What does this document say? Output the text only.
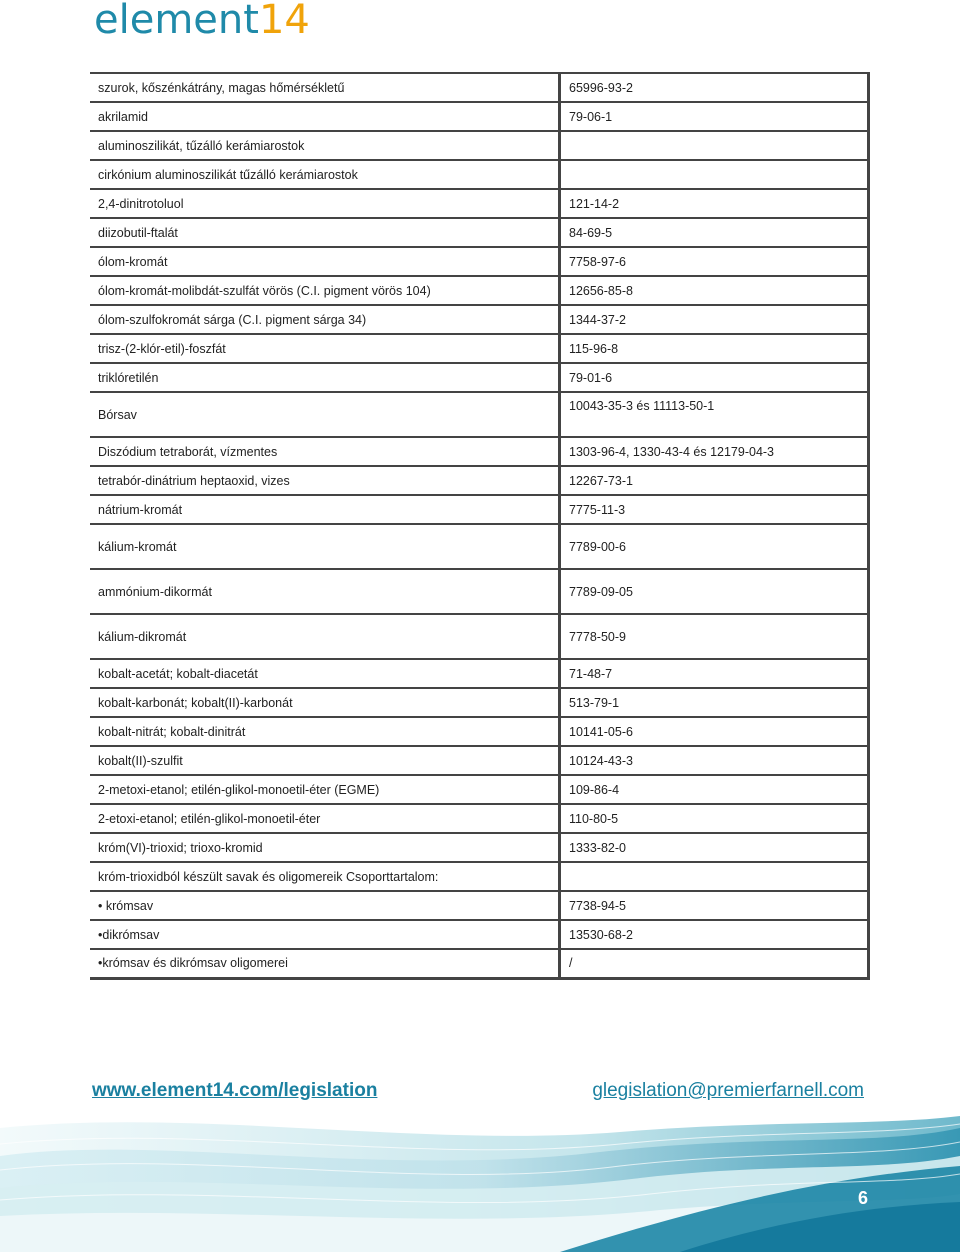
element14
szurok, kőszénkátrány, magas hőmérsékletű	65996-93-2
akrilamid	79-06-1
aluminoszilikát, tűzálló kerámiarostok	
cirkónium aluminoszilikát tűzálló kerámiarostok	
2,4-dinitrotoluol	121-14-2
diizobutil-ftalát	84-69-5
ólom-kromát	7758-97-6
ólom-kromát-molibdát-szulfát vörös (C.I. pigment vörös 104)	12656-85-8
ólom-szulfokromát sárga (C.I. pigment sárga 34)	1344-37-2
trisz-(2-klór-etil)-foszfát	115-96-8
triklóretilén	79-01-6
Bórsav	10043-35-3 és 11113-50-1
Diszódium tetraborát, vízmentes	1303-96-4, 1330-43-4 és 12179-04-3
tetrabór-dinátrium heptaoxid, vizes	12267-73-1
nátrium-kromát	7775-11-3
kálium-kromát	7789-00-6
ammónium-dikormát	7789-09-05
kálium-dikromát	7778-50-9
kobalt-acetát; kobalt-diacetát	71-48-7
kobalt-karbonát; kobalt(II)-karbonát	513-79-1
kobalt-nitrát; kobalt-dinitrát	10141-05-6
kobalt(II)-szulfit	10124-43-3
2-metoxi-etanol; etilén-glikol-monoetil-éter (EGME)	109-86-4
2-etoxi-etanol; etilén-glikol-monoetil-éter	110-80-5
króm(VI)-trioxid; trioxo-kromid	1333-82-0
króm-trioxidból készült savak és oligomereik Csoporttartalom:	
• krómsav	7738-94-5
•dikrómsav	13530-68-2
•krómsav és dikrómsav oligomerei	/
www.element14.com/legislation	glegislation@premierfarnell.com
6
